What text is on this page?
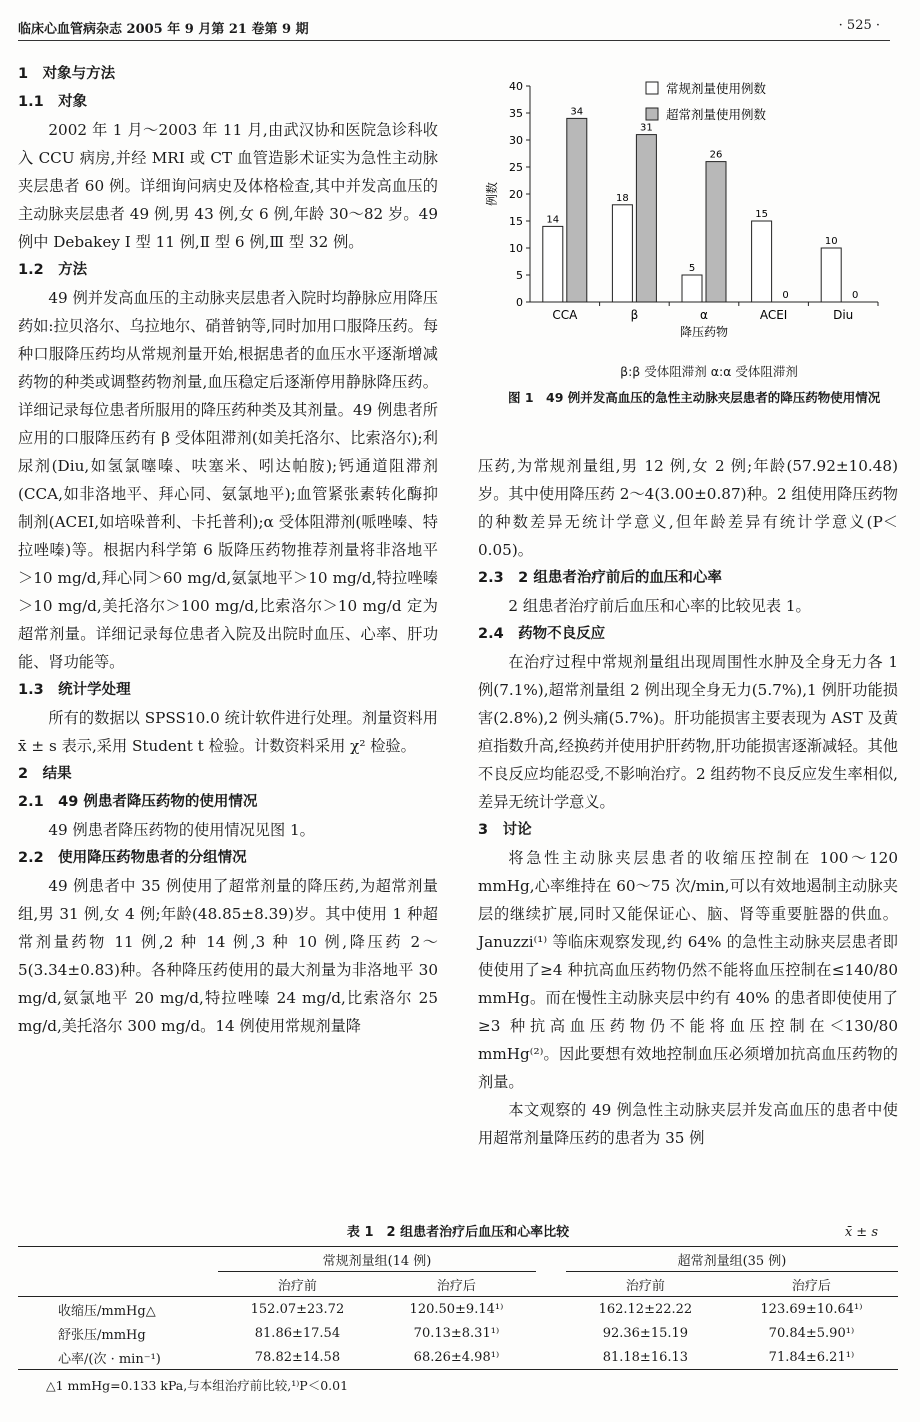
临床心血管病杂志 2005 年 9 月第 21 卷第 9 期	· 525 ·

1　对象与方法

1.1　对象

2002 年 1 月～2003 年 11 月,由武汉协和医院急诊科收入 CCU 病房,并经 MRI 或 CT 血管造影术证实为急性主动脉夹层患者 60 例。详细询问病史及体格检查,其中并发高血压的主动脉夹层患者 49 例,男 43 例,女 6 例,年龄 30～82 岁。49 例中 Debakey Ⅰ 型 11 例,Ⅱ 型 6 例,Ⅲ 型 32 例。

1.2　方法

49 例并发高血压的主动脉夹层患者入院时均静脉应用降压药如:拉贝洛尔、乌拉地尔、硝普钠等,同时加用口服降压药。每种口服降压药均从常规剂量开始,根据患者的血压水平逐渐增减药物的种类或调整药物剂量,血压稳定后逐渐停用静脉降压药。详细记录每位患者所服用的降压药种类及其剂量。49 例患者所应用的口服降压药有 β 受体阻滞剂(如美托洛尔、比索洛尔);利尿剂(Diu,如氢氯噻嗪、呋塞米、吲达帕胺);钙通道阻滞剂(CCA,如非洛地平、拜心同、氨氯地平);血管紧张素转化酶抑制剂(ACEI,如培哚普利、卡托普利);α 受体阻滞剂(哌唑嗪、特拉唑嗪)等。根据内科学第 6 版降压药物推荐剂量将非洛地平＞10 mg/d,拜心同＞60 mg/d,氨氯地平＞10 mg/d,特拉唑嗪＞10 mg/d,美托洛尔＞100 mg/d,比索洛尔＞10 mg/d 定为超常剂量。详细记录每位患者入院及出院时血压、心率、肝功能、肾功能等。

1.3　统计学处理

所有的数据以 SPSS10.0 统计软件进行处理。剂量资料用 x̄ ± s 表示,采用 Student t 检验。计数资料采用 χ² 检验。

2　结果

2.1　49 例患者降压药物的使用情况

49 例患者降压药物的使用情况见图 1。

2.2　使用降压药物患者的分组情况

49 例患者中 35 例使用了超常剂量的降压药,为超常剂量组,男 31 例,女 4 例;年龄(48.85±8.39)岁。其中使用 1 种超常剂量药物 11 例,2 种 14 例,3 种 10 例,降压药 2～5(3.34±0.83)种。各种降压药使用的最大剂量为非洛地平 30 mg/d,氨氯地平 20 mg/d,特拉唑嗪 24 mg/d,比索洛尔 25 mg/d,美托洛尔 300 mg/d。14 例使用常规剂量降

0
5
10
15
20
25
30
35
40
例数
CCA
14
34
β
18
31
α
5
26
ACEI
15
0
Diu
10
0
降压药物
常规剂量使用例数
超常剂量使用例数
β:β 受体阻滞剂 α:α 受体阻滞剂
图 1　49 例并发高血压的急性主动脉夹层患者的降压药物使用情况

压药,为常规剂量组,男 12 例,女 2 例;年龄(57.92±10.48)岁。其中使用降压药 2～4(3.00±0.87)种。2 组使用降压药物的种数差异无统计学意义,但年龄差异有统计学意义(P＜0.05)。

2.3　2 组患者治疗前后的血压和心率

2 组患者治疗前后血压和心率的比较见表 1。

2.4　药物不良反应

在治疗过程中常规剂量组出现周围性水肿及全身无力各 1 例(7.1%),超常剂量组 2 例出现全身无力(5.7%),1 例肝功能损害(2.8%),2 例头痛(5.7%)。肝功能损害主要表现为 AST 及黄疸指数升高,经换药并使用护肝药物,肝功能损害逐渐减轻。其他不良反应均能忍受,不影响治疗。2 组药物不良反应发生率相似,差异无统计学意义。

3　讨论

将急性主动脉夹层患者的收缩压控制在 100～120 mmHg,心率维持在 60～75 次/min,可以有效地遏制主动脉夹层的继续扩展,同时又能保证心、脑、肾等重要脏器的供血。Januzzi⁽¹⁾ 等临床观察发现,约 64% 的急性主动脉夹层患者即使使用了≥4 种抗高血压药物仍然不能将血压控制在≤140/80 mmHg。而在慢性主动脉夹层中约有 40% 的患者即使使用了≥3 种抗高血压药物仍不能将血压控制在＜130/80 mmHg⁽²⁾。因此要想有效地控制血压必须增加抗高血压药物的剂量。

本文观察的 49 例急性主动脉夹层并发高血压的患者中使用超常剂量降压药的患者为 35 例

表 1　2 组患者治疗后血压和心率比较	x̄ ± s
	常规剂量组(14 例)			超常剂量组(35 例)	
	治疗前	治疗后		治疗前	治疗后
收缩压/mmHg△	152.07±23.72	120.50±9.14¹⁾		162.12±22.22	123.69±10.64¹⁾
舒张压/mmHg	81.86±17.54	70.13±8.31¹⁾		92.36±15.19	70.84±5.90¹⁾
心率/(次 · min⁻¹)	78.82±14.58	68.26±4.98¹⁾		81.18±16.13	71.84±6.21¹⁾
△1 mmHg=0.133 kPa,与本组治疗前比较,¹⁾P＜0.01
